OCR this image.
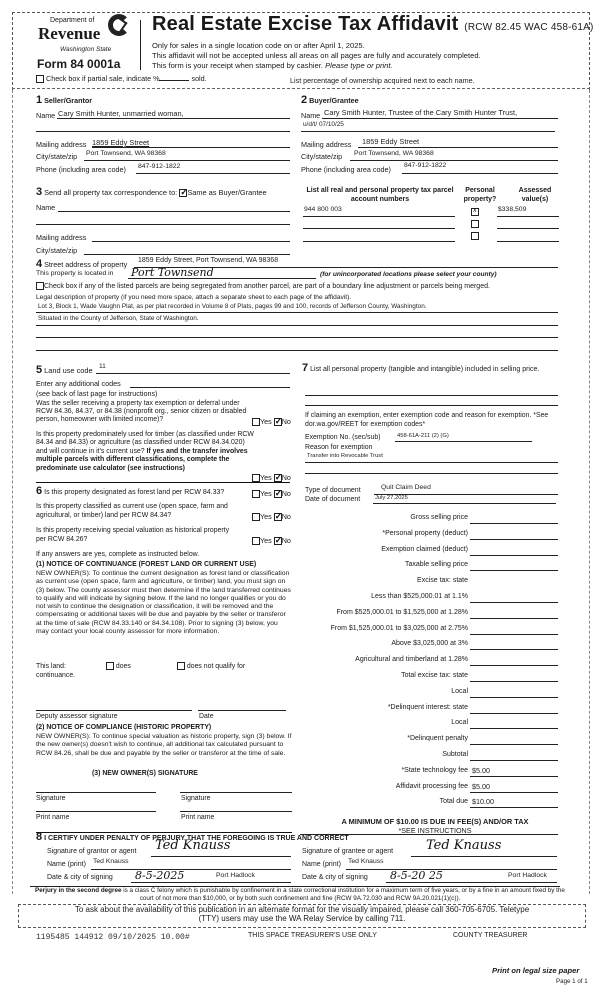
Department of
Revenue
Washington State
Form 84 0001a
Real Estate Excise Tax Affidavit (RCW 82.45 WAC 458-61A)
Only for sales in a single location code on or after April 1, 2025.
This affidavit will not be accepted unless all areas on all pages are fully and accurately completed.
This form is your receipt when stamped by cashier. Please type or print.
Check box if partial sale, indicate %	sold.	List percentage of ownership acquired next to each name.
1 Seller/Grantor
Name Cary Smith Hunter, unmarried woman,
Mailing address 1859 Eddy Street
City/state/zip Port Townsend, WA 98368
Phone (including area code) 847-912-1822
3 Send all property tax correspondence to: ✓ Same as Buyer/Grantee
Name
Mailing address
City/state/zip
2 Buyer/Grantee
Name Cary Smith Hunter, Trustee of the Cary Smith Hunter Trust,
u/d/t/ 07/10/25
Mailing address 1859 Eddy Street
City/state/zip Port Townsend, WA 98368
Phone (including area code) 847-912-1822
List all real and personal property tax parcel account numbers
Personal property?
Assessed value(s)
944 800 003 x	$338,509
4 Street address of property 1859 Eddy Street, Port Townsend, WA 98368
This property is located in Port Townsend	(for unincorporated locations please select your county)
Check box if any of the listed parcels are being segregated from another parcel, are part of a boundary line adjustment or parcels being merged.
Legal description of property (if you need more space, attach a separate sheet to each page of the affidavit).
Lot 3, Block 1, Wade Vaughn Plat, as per plat recorded in Volume 8 of Plats, pages 99 and 100, records of Jefferson County, Washington.
Situated in the County of Jefferson, State of Washington.
5 Land use code 11
Enter any additional codes
(see back of last page for instructions)
Was the seller receiving a property tax exemption or deferral under RCW 84.36, 84.37, or 84.38 (nonprofit org., senior citizen or disabled person, homeowner with limited income)?	Yes ✓ No
Is this property predominately used for timber (as classified under RCW 84.34 and 84.33) or agriculture (as classified under RCW 84.34.020) and will continue in it's current use? If yes and the transfer involves multiple parcels with different classifications, complete the predominate use calculator (see instructions)
Yes ✓ No
6 Is this property designated as forest land per RCW 84.33?	Yes ✓ No
Is this property classified as current use (open space, farm and agricultural, or timber) land per RCW 84.34?	Yes ✓ No
Is this property receiving special valuation as historical property per RCW 84.26?	Yes ✓ No
If any answers are yes, complete as instructed below.
(1) NOTICE OF CONTINUANCE (FOREST LAND OR CURRENT USE)
NEW OWNER(S): To continue the current designation as forest land or classification as current use (open space, farm and agriculture, or timber) land, you must sign on (3) below. The county assessor must then determine if the land transferred continues to qualify and will indicate by signing below. If the land no longer qualifies or you do not wish to continue the designation or classification, it will be removed and the compensating or additional taxes will be due and payable by the seller or transferor at the time of sale (RCW 84.33.140 or 84.34.108). Prior to signing (3) below, you may contact your local county assessor for more information.
This land:	does	does not qualify for
continuance.
Deputy assessor signature	Date
(2) NOTICE OF COMPLIANCE (HISTORIC PROPERTY)
NEW OWNER(S): To continue special valuation as historic property, sign (3) below. If the new owner(s) doesn't wish to continue, all additional tax calculated pursuant to RCW 84.26, shall be due and payable by the seller or transferor at the time of sale.
(3) NEW OWNER(S) SIGNATURE
Signature	Signature
Print name	Print name
7 List all personal property (tangible and intangible) included in selling price.
If claiming an exemption, enter exemption code and reason for exemption. *See dor.wa.gov/REET for exemption codes*
Exemption No. (sec/sub)	458-61A-211 (2) (G)
Reason for exemption
Transfer into Revocable Trust
Type of document	Quit Claim Deed
Date of document	July 27,2025
Gross selling price
*Personal property (deduct)
Exemption claimed (deduct)
Taxable selling price
Excise tax: state
Less than $525,000.01 at 1.1%
From $525,000.01 to $1,525,000 at 1.28%
From $1,525,000.01 to $3,025,000 at 2.75%
Above $3,025,000 at 3%
Agricultural and timberland at 1.28%
Total excise tax: state
Local
*Delinquent interest: state
Local
*Delinquent penalty
Subtotal
*State technology fee $5.00
Affidavit processing fee $5.00
Total due $10.00
A MINIMUM OF $10.00 IS DUE IN FEE(S) AND/OR TAX
*SEE INSTRUCTIONS
8 I CERTIFY UNDER PENALTY OF PERJURY THAT THE FOREGOING IS TRUE AND CORRECT
Signature of grantor or agent Ted Knauss
Name (print) Ted Knauss
Date & city of signing 8-5-2025	Port Hadlock
Signature of grantee or agent	Ted Knauss
Name (print) Ted Knauss
Date & city of signing 8-5-20 25	Port Hadlock
Perjury in the second degree is a class C felony which is punishable by confinement in a state correctional institution for a maximum term of five years, or by a fine in an amount fixed by the court of not more than $10,000, or by both such confinement and fine (RCW 9A.72.030 and RCW 9A.20.021(1)(c)).
To ask about the availability of this publication in an alternate format for the visually impaired, please call 360-705-6705. Teletype
(TTY) users may use the WA Relay Service by calling 711.
1195485 144912 09/10/2025 10.00#	THIS SPACE TREASURER'S USE ONLY	COUNTY TREASURER
Print on legal size paper
Page 1 of 1
